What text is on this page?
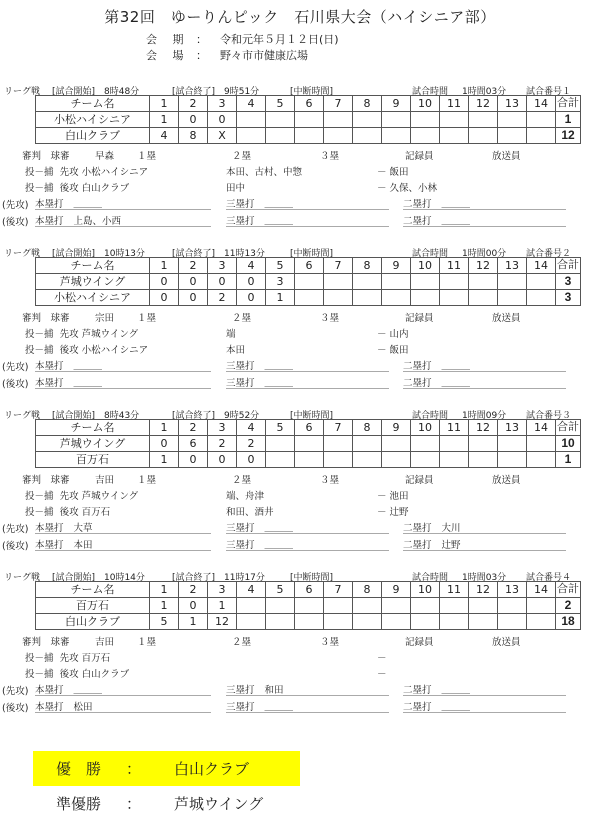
第32回　ゆーりんピック　石川県大会（ハイシニア部）
会 期 ： 令和元年５月１２日(日)
会 場 ： 野々市市健康広場
リーグ戦 [試合開始] 8時48分	[試合終了] 9時51分	[中断時間]	試合時間 1時間03分 試合番号１
チーム名	1	2	3	4	5	6	7	8	9	10	11	12	13	14	合計
小松ハイシニア	1	0	0												1
白山クラブ	4	8	X												12
審判　球審	早森 １塁	２塁	３塁	記録員	放送員
投－捕 先攻 小松ハイシニア	本田、古村、中惣	－ 飯田
投－捕 後攻 白山クラブ	田中	－ 久保、小林
(先攻) 本塁打 ＿＿＿	三塁打 ＿＿＿	二塁打 ＿＿＿
(後攻) 本塁打 上島、小西	三塁打 ＿＿＿	二塁打 ＿＿＿
リーグ戦 [試合開始] 10時13分	[試合終了] 11時13分	[中断時間]	試合時間 1時間00分 試合番号２
チーム名	1	2	3	4	5	6	7	8	9	10	11	12	13	14	合計
芦城ウイング	0	0	0	0	3										3
小松ハイシニア	0	0	2	0	1										3
審判　球審	宗田 １塁	２塁	３塁	記録員	放送員
投－捕 先攻 芦城ウイング	端	－ 山内
投－捕 後攻 小松ハイシニア	本田	－ 飯田
(先攻) 本塁打 ＿＿＿	三塁打 ＿＿＿	二塁打 ＿＿＿
(後攻) 本塁打 ＿＿＿	三塁打 ＿＿＿	二塁打 ＿＿＿
リーグ戦 [試合開始] 8時43分	[試合終了] 9時52分	[中断時間]	試合時間 1時間09分 試合番号３
チーム名	1	2	3	4	5	6	7	8	9	10	11	12	13	14	合計
芦城ウイング	0	6	2	2											10
百万石	1	0	0	0											1
審判　球審	吉田 １塁	２塁	３塁	記録員	放送員
投－捕 先攻 芦城ウイング	端、舟津	－ 池田
投－捕 後攻 百万石	和田、酒井	－ 辻野
(先攻) 本塁打 大草	三塁打 ＿＿＿	二塁打 大川
(後攻) 本塁打 本田	三塁打 ＿＿＿	二塁打 辻野
リーグ戦 [試合開始] 10時14分	[試合終了] 11時17分	[中断時間]	試合時間 1時間03分 試合番号４
チーム名	1	2	3	4	5	6	7	8	9	10	11	12	13	14	合計
百万石	1	0	1												2
白山クラブ	5	1	12												18
審判　球審	吉田 １塁	２塁	３塁	記録員	放送員
投－捕 先攻 百万石	－
投－捕 後攻 白山クラブ	－
(先攻) 本塁打 ＿＿＿	三塁打 和田	二塁打 ＿＿＿
(後攻) 本塁打 松田	三塁打 ＿＿＿	二塁打 ＿＿＿
優　勝 ： 白山クラブ
準優勝 ： 芦城ウイング
